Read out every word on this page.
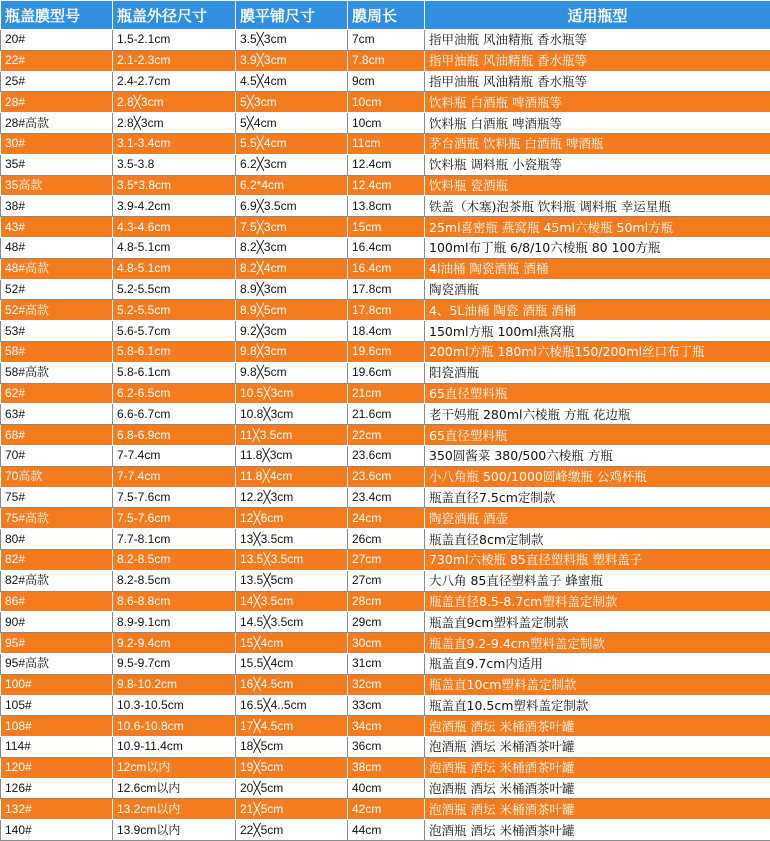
瓶盖膜型号	瓶盖外径尺寸	膜平铺尺寸	膜周长	适用瓶型
20#	1.5-2.1cm	3.5╳3cm	7cm	指甲油瓶 风油精瓶 香水瓶等
22#	2.1-2.3cm	3.9╳3cm	7.8cm	指甲油瓶 风油精瓶 香水瓶等
25#	2.4-2.7cm	4.5╳4cm	9cm	指甲油瓶 风油精瓶 香水瓶等
28#	2.8╳3cm	5╳3cm	10cm	饮料瓶 白酒瓶 啤酒瓶等
28#高款	2.8╳3cm	5╳4cm	10cm	饮料瓶 白酒瓶 啤酒瓶等
30#	3.1-3.4cm	5.5╳4cm	11cm	茅台酒瓶 饮料瓶 白酒瓶 啤酒瓶
35#	3.5-3.8	6.2╳3cm	12.4cm	饮料瓶 调料瓶 小瓷瓶等
35高款	3.5*3.8cm	6.2*4cm	12.4cm	饮料瓶 瓷酒瓶
38#	3.9-4.2cm	6.9╳3.5cm	13.8cm	铁盖（木塞)泡茶瓶 饮料瓶 调料瓶 幸运星瓶
43#	4.3-4.6cm	7.5╳3cm	15cm	25ml喜密瓶 燕窝瓶 45ml六棱瓶 50ml方瓶
48#	4.8-5.1cm	8.2╳3cm	16.4cm	100ml布丁瓶 6/8/10六棱瓶 80 100方瓶
48#高款	4.8-5.1cm	8.2╳4cm	16.4cm	4l油桶 陶瓷酒瓶 酒桶
52#	5.2-5.5cm	8.9╳3cm	17.8cm	陶瓷酒瓶
52#高款	5.2-5.5cm	8.9╳5cm	17.8cm	4、5L油桶 陶瓷 酒瓶 酒桶
53#	5.6-5.7cm	9.2╳3cm	18.4cm	150ml方瓶 100ml燕窝瓶
58#	5.8-6.1cm	9.8╳3cm	19.6cm	200ml方瓶 180ml六棱瓶150/200ml丝口布丁瓶
58#高款	5.8-6.1cm	9.8╳5cm	19.6cm	阳瓷酒瓶
62#	6.2-6.5cm	10.5╳3cm	21cm	65直径塑料瓶
63#	6.6-6.7cm	10.8╳3cm	21.6cm	老干妈瓶 280ml六棱瓶 方瓶 花边瓶
68#	6.8-6.9cm	11╳3.5cm	22cm	65直径塑料瓶
70#	7-7.4cm	11.8╳3cm	23.6cm	350圆酱菜 380/500六棱瓶 方瓶
70高款	7-7.4cm	11.8╳4cm	23.6cm	小八角瓶 500/1000圆峰缴瓶 公鸡杯瓶
75#	7.5-7.6cm	12.2╳3cm	23.4cm	瓶盖直径7.5cm定制款
75#高款	7.5-7.6cm	12╳6cm	24cm	陶瓷酒瓶 酒壶
80#	7.7-8.1cm	13╳3.5cm	26cm	瓶盖直径8cm定制款
82#	8.2-8.5cm	13.5╳3.5cm	27cm	730ml六棱瓶 85直径塑料瓶 塑料盖子
82#高款	8.2-8.5cm	13.5╳5cm	27cm	大八角 85直径塑料盖子 蜂蜜瓶
86#	8.6-8.8cm	14╳3.5cm	28cm	瓶盖直径8.5-8.7cm塑料盖定制款
90#	8.9-9.1cm	14.5╳3.5cm	29cm	瓶盖直9cm塑料盖定制款
95#	9.2-9.4cm	15╳4cm	30cm	瓶盖直9.2-9.4cm塑料盖定制款
95#高款	9.5-9.7cm	15.5╳4cm	31cm	瓶盖直9.7cm内适用
100#	9.8-10.2cm	16╳4.5cm	32cm	瓶盖直10cm塑料盖定制款
105#	10.3-10.5cm	16.5╳4..5cm	33cm	瓶盖直10.5cm塑料盖定制款
108#	10.6-10.8cm	17╳4.5cm	34cm	泡酒瓶 酒坛 米桶酒茶叶罐
114#	10.9-11.4cm	18╳5cm	36cm	泡酒瓶 酒坛 米桶酒茶叶罐
120#	12cm以内	19╳5cm	38cm	泡酒瓶 酒坛 米桶酒茶叶罐
126#	12.6cm以内	20╳5cm	40cm	泡酒瓶 酒坛 米桶酒茶叶罐
132#	13.2cm以内	21╳5cm	42cm	泡酒瓶 酒坛 米桶酒茶叶罐
140#	13.9cm以内	22╳5cm	44cm	泡酒瓶 酒坛 米桶酒茶叶罐
